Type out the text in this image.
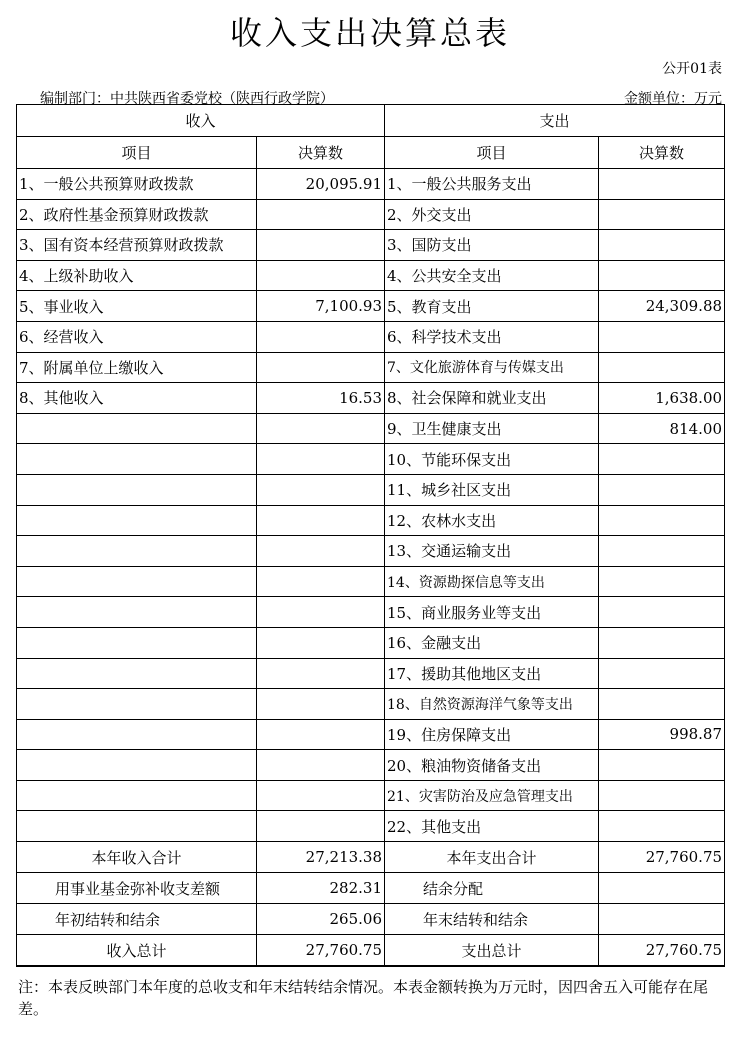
收入支出决算总表
公开01表
编制部门：中共陕西省委党校（陕西行政学院）	金额单位：万元
收入		支出	
项目	决算数	项目	决算数
1、一般公共预算财政拨款	20,095.91	1、一般公共服务支出	
2、政府性基金预算财政拨款		2、外交支出	
3、国有资本经营预算财政拨款		3、国防支出	
4、上级补助收入		4、公共安全支出	
5、事业收入	7,100.93	5、教育支出	24,309.88
6、经营收入		6、科学技术支出	
7、附属单位上缴收入		7、文化旅游体育与传媒支出	
8、其他收入	16.53	8、社会保障和就业支出	1,638.00
		9、卫生健康支出	814.00
		10、节能环保支出	
		11、城乡社区支出	
		12、农林水支出	
		13、交通运输支出	
		14、资源勘探信息等支出	
		15、商业服务业等支出	
		16、金融支出	
		17、援助其他地区支出	
		18、自然资源海洋气象等支出	
		19、住房保障支出	998.87
		20、粮油物资储备支出	
		21、灾害防治及应急管理支出	
		22、其他支出	
本年收入合计	27,213.38	本年支出合计	27,760.75
用事业基金弥补收支差额	282.31	结余分配	
年初结转和结余	265.06	年末结转和结余	
收入总计	27,760.75	支出总计	27,760.75
注：本表反映部门本年度的总收支和年末结转结余情况。本表金额转换为万元时，因四舍五入可能存在尾差。
